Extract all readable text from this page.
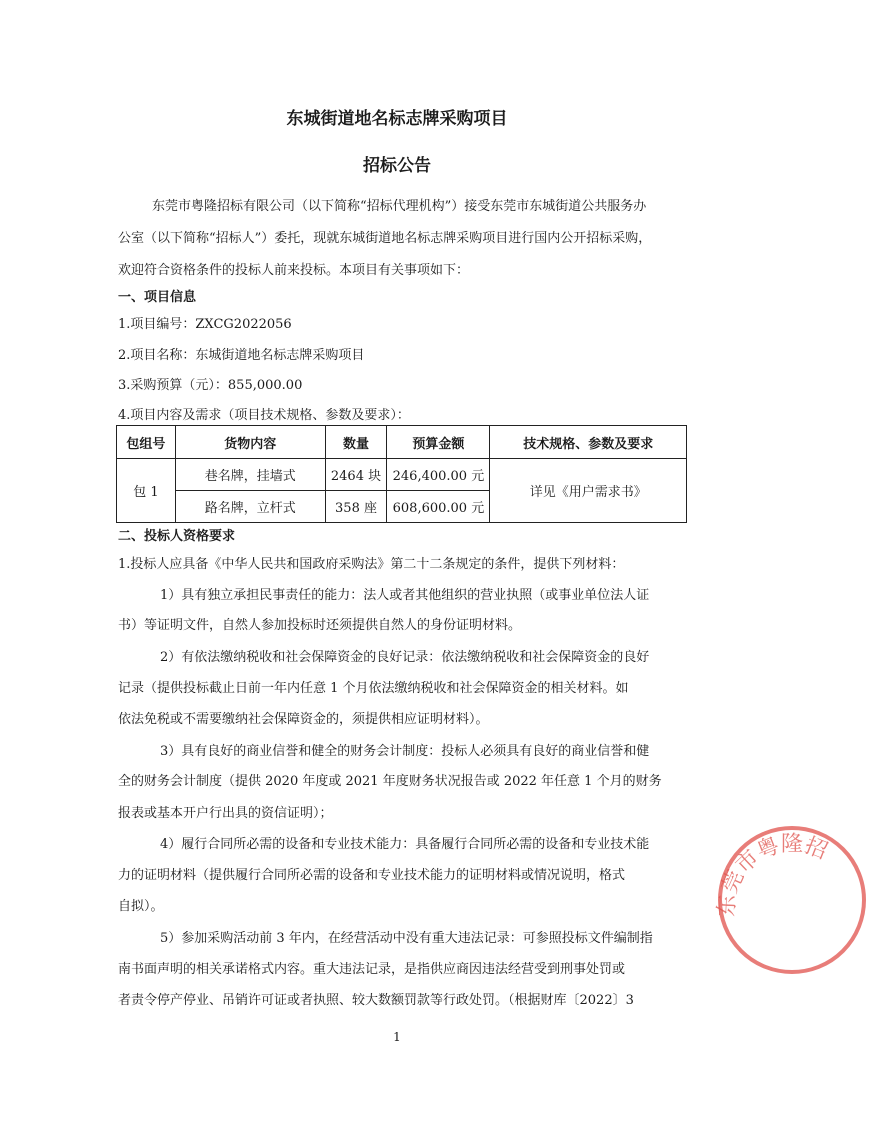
东城街道地名标志牌采购项目
招标公告
东莞市粤隆招标有限公司（以下简称“招标代理机构”）接受东莞市东城街道公共服务办
公室（以下简称“招标人”）委托，现就东城街道地名标志牌采购项目进行国内公开招标采购，
欢迎符合资格条件的投标人前来投标。本项目有关事项如下：
一、项目信息
1.项目编号：ZXCG2022056
2.项目名称：东城街道地名标志牌采购项目
3.采购预算（元）：855,000.00
4.项目内容及需求（项目技术规格、参数及要求）：
包组号	货物内容	数量	预算金额	技术规格、参数及要求
包 1	巷名牌，挂墙式	2464 块	246,400.00 元	详见《用户需求书》
	路名牌，立杆式	358 座	608,600.00 元	
二、投标人资格要求
1.投标人应具备《中华人民共和国政府采购法》第二十二条规定的条件，提供下列材料：
1）具有独立承担民事责任的能力：法人或者其他组织的营业执照（或事业单位法人证
书）等证明文件，自然人参加投标时还须提供自然人的身份证明材料。
2）有依法缴纳税收和社会保障资金的良好记录：依法缴纳税收和社会保障资金的良好
记录（提供投标截止日前一年内任意 1 个月依法缴纳税收和社会保障资金的相关材料。如
依法免税或不需要缴纳社会保障资金的，须提供相应证明材料）。
3）具有良好的商业信誉和健全的财务会计制度：投标人必须具有良好的商业信誉和健
全的财务会计制度（提供 2020 年度或 2021 年度财务状况报告或 2022 年任意 1 个月的财务
报表或基本开户行出具的资信证明）；
4）履行合同所必需的设备和专业技术能力：具备履行合同所必需的设备和专业技术能
力的证明材料（提供履行合同所必需的设备和专业技术能力的证明材料或情况说明，格式
自拟）。
5）参加采购活动前 3 年内，在经营活动中没有重大违法记录：可参照投标文件编制指
南书面声明的相关承诺格式内容。重大违法记录，是指供应商因违法经营受到刑事处罚或
者责令停产停业、吊销许可证或者执照、较大数额罚款等行政处罚。（根据财库〔2022〕3
1
东莞市粤隆招
